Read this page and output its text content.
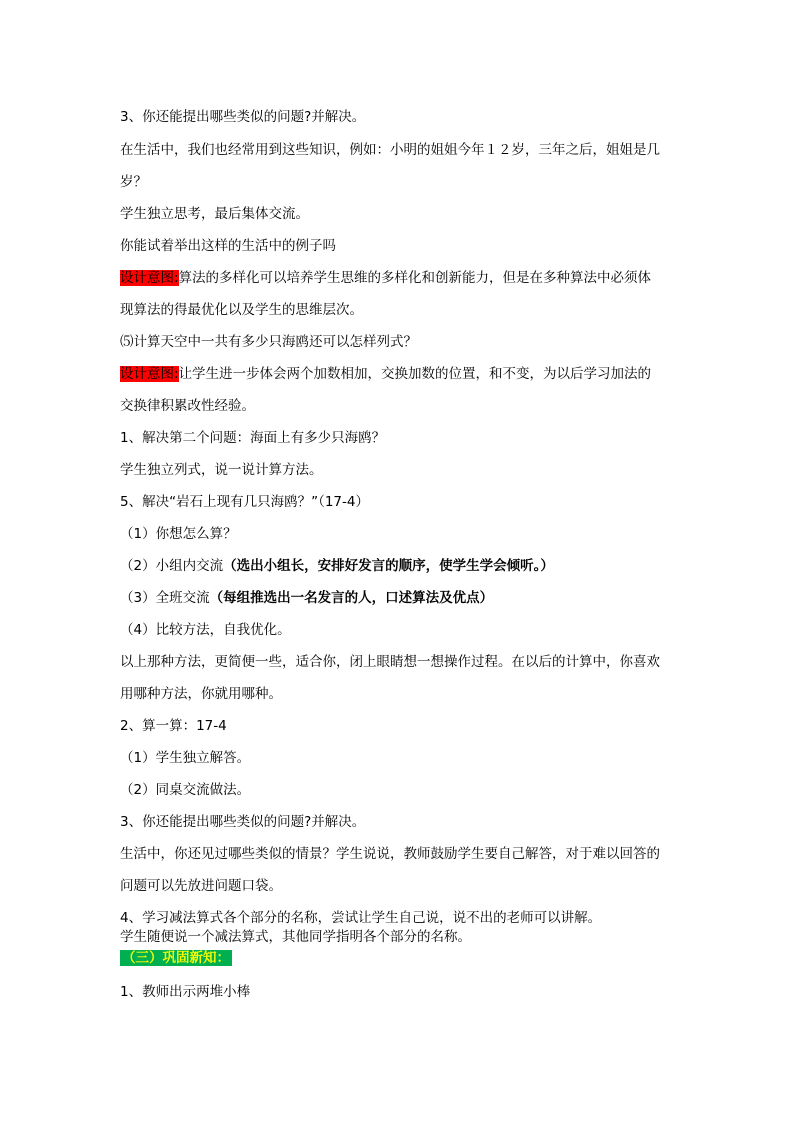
3、你还能提出哪些类似的问题?并解决。
在生活中，我们也经常用到这些知识，例如：小明的姐姐今年１２岁，三年之后，姐姐是几
岁？
学生独立思考，最后集体交流。
你能试着举出这样的生活中的例子吗
设计意图:算法的多样化可以培养学生思维的多样化和创新能力，但是在多种算法中必须体
现算法的得最优化以及学生的思维层次。
⑸计算天空中一共有多少只海鸥还可以怎样列式？
设计意图:让学生进一步体会两个加数相加，交换加数的位置，和不变，为以后学习加法的
交换律积累改性经验。
1、解决第二个问题：海面上有多少只海鸥？
学生独立列式，说一说计算方法。
5、解决“岩石上现有几只海鸥？”（17-4）
（1）你想怎么算？
（2）小组内交流（选出小组长，安排好发言的顺序，使学生学会倾听。）
（3）全班交流（每组推选出一名发言的人，口述算法及优点）
（4）比较方法，自我优化。
以上那种方法，更简便一些，适合你，闭上眼睛想一想操作过程。在以后的计算中，你喜欢
用哪种方法，你就用哪种。
2、算一算：17-4
（1）学生独立解答。
（2）同桌交流做法。
3、你还能提出哪些类似的问题?并解决。
生活中，你还见过哪些类似的情景？学生说说，教师鼓励学生要自己解答，对于难以回答的
问题可以先放进问题口袋。
4、学习减法算式各个部分的名称，尝试让学生自己说，说不出的老师可以讲解。
学生随便说一个减法算式，其他同学指明各个部分的名称。
（三）巩固新知：
1、教师出示两堆小棒
